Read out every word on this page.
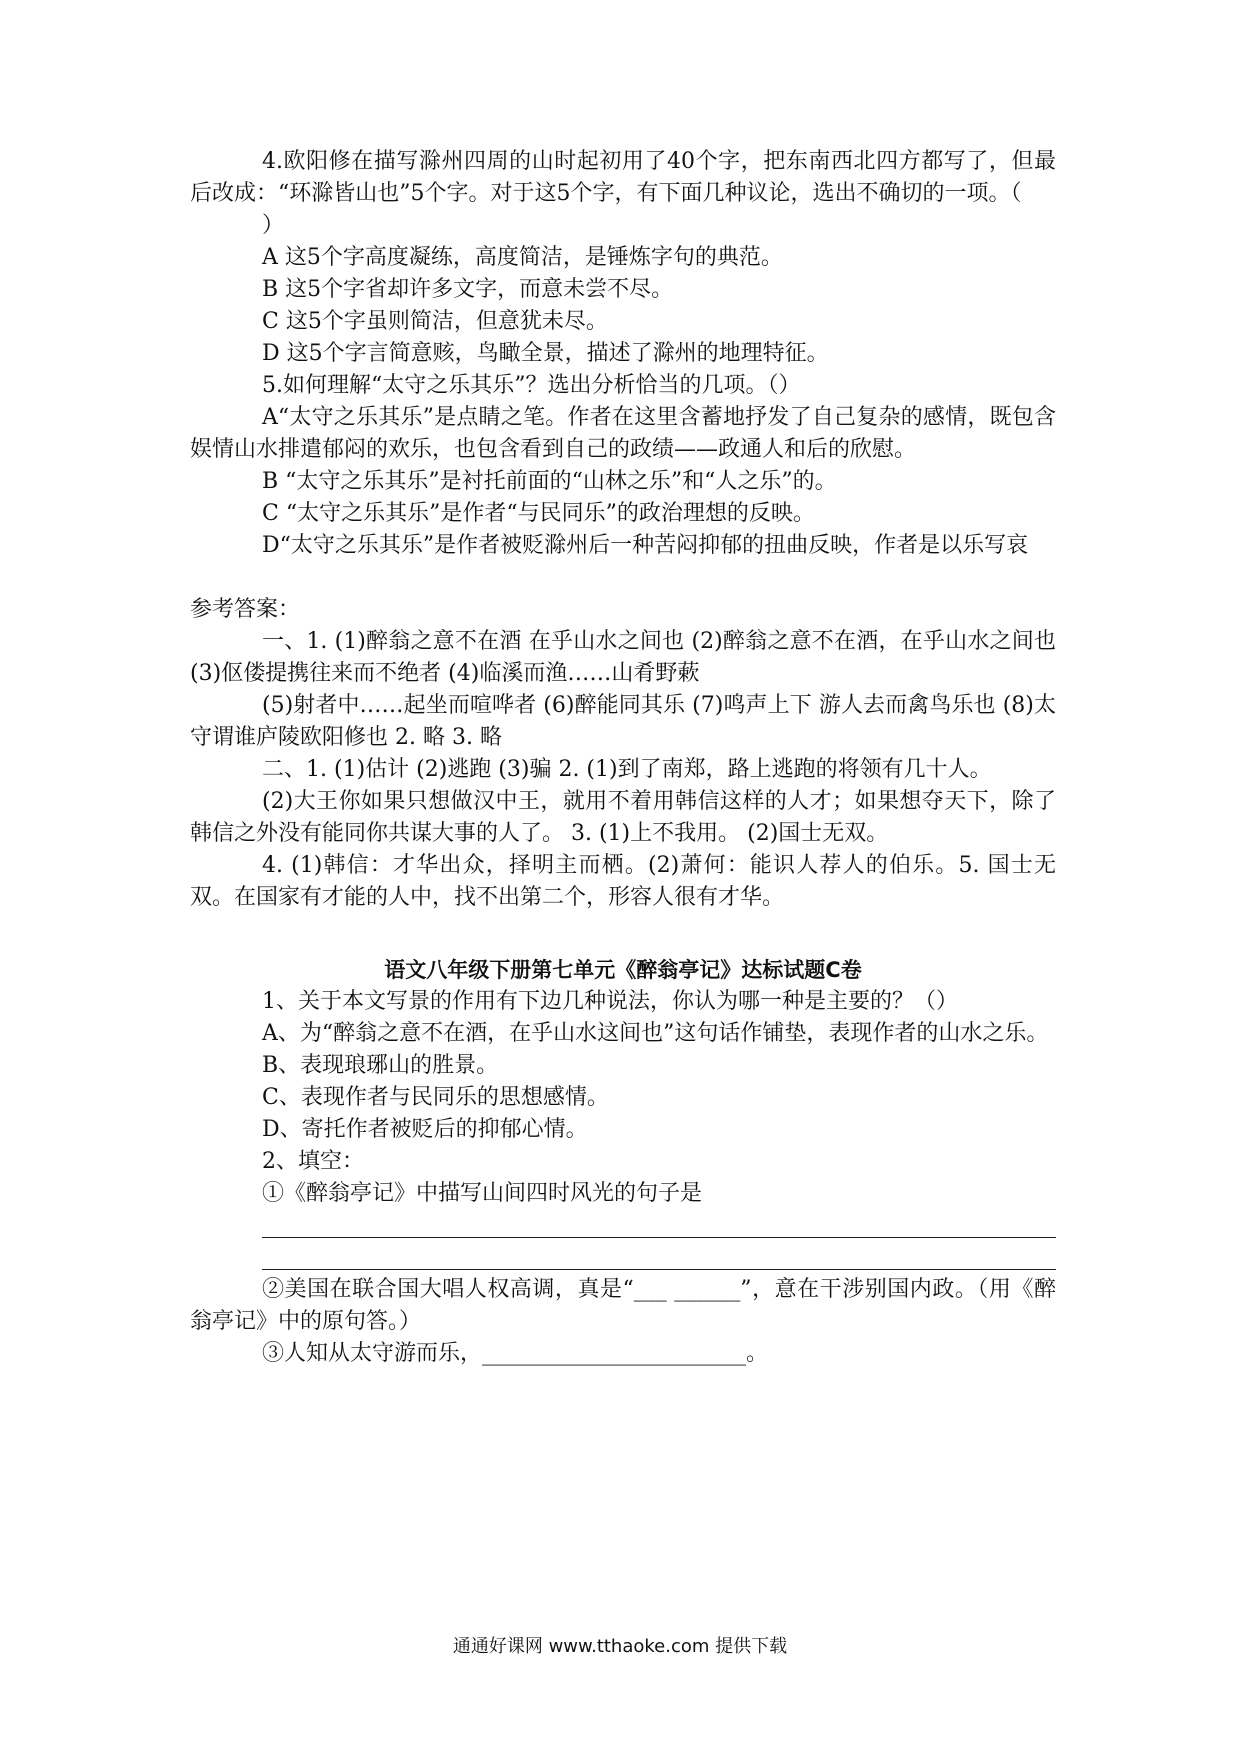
4.欧阳修在描写滁州四周的山时起初用了40个字，把东南西北四方都写了，但最后改成：“环滁皆山也”5个字。对于这5个字，有下面几种议论，选出不确切的一项。（

）

A 这5个字高度凝练，高度简洁，是锤炼字句的典范。

B 这5个字省却许多文字，而意未尝不尽。

C 这5个字虽则简洁，但意犹未尽。

D 这5个字言简意赅，鸟瞰全景，描述了滁州的地理特征。

5.如何理解“太守之乐其乐”？选出分析恰当的几项。（）

A“太守之乐其乐”是点睛之笔。作者在这里含蓄地抒发了自己复杂的感情，既包含娱情山水排遣郁闷的欢乐，也包含看到自己的政绩——政通人和后的欣慰。

B “太守之乐其乐”是衬托前面的“山林之乐”和“人之乐”的。

C “太守之乐其乐”是作者“与民同乐”的政治理想的反映。

D“太守之乐其乐”是作者被贬滁州后一种苦闷抑郁的扭曲反映，作者是以乐写哀

参考答案：

一、1. (1)醉翁之意不在酒 在乎山水之间也 (2)醉翁之意不在酒，在乎山水之间也 (3)伛偻提携往来而不绝者 (4)临溪而渔……山肴野蔌

(5)射者中……起坐而喧哗者 (6)醉能同其乐 (7)鸣声上下 游人去而禽鸟乐也 (8)太守谓谁庐陵欧阳修也 2. 略 3. 略

二、1. (1)估计 (2)逃跑 (3)骗 2. (1)到了南郑，路上逃跑的将领有几十人。

(2)大王你如果只想做汉中王，就用不着用韩信这样的人才；如果想夺天下，除了韩信之外没有能同你共谋大事的人了。 3. (1)上不我用。 (2)国士无双。

4. (1)韩信：才华出众，择明主而栖。(2)萧何：能识人荐人的伯乐。5. 国士无双。在国家有才能的人中，找不出第二个，形容人很有才华。

语文八年级下册第七单元《醉翁亭记》达标试题C卷

1、关于本文写景的作用有下边几种说法，你认为哪一种是主要的？（）

A、为“醉翁之意不在酒，在乎山水这间也”这句话作铺垫，表现作者的山水之乐。

B、表现琅琊山的胜景。

C、表现作者与民同乐的思想感情。

D、寄托作者被贬后的抑郁心情。

2、填空：

①《醉翁亭记》中描写山间四时风光的句子是

②美国在联合国大唱人权高调，真是“___ ______”，意在干涉别国内政。（用《醉翁亭记》中的原句答。）

③人知从太守游而乐，________________________。

通通好课网 www.tthaoke.com 提供下载
